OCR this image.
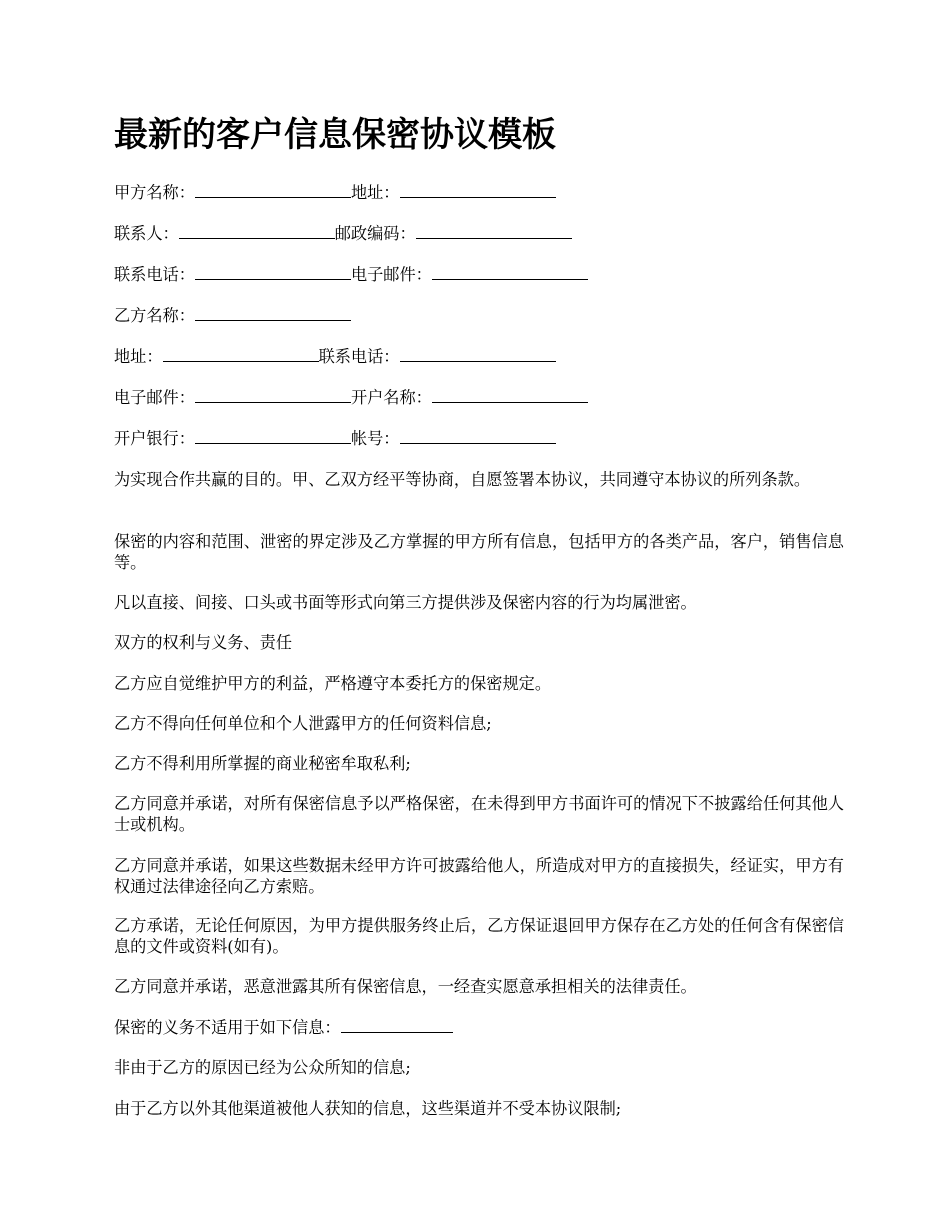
最新的客户信息保密协议模板
甲方名称：	地址：
联系人：	邮政编码：
联系电话：	电子邮件：
乙方名称：
地址：	联系电话：
电子邮件：	开户名称：
开户银行：	帐号：

为实现合作共赢的目的。甲、乙双方经平等协商，自愿签署本协议，共同遵守本协议的所列条款。

保密的内容和范围、泄密的界定涉及乙方掌握的甲方所有信息，包括甲方的各类产品，客户，销售信息等。

凡以直接、间接、口头或书面等形式向第三方提供涉及保密内容的行为均属泄密。

双方的权利与义务、责任

乙方应自觉维护甲方的利益，严格遵守本委托方的保密规定。

乙方不得向任何单位和个人泄露甲方的任何资料信息;

乙方不得利用所掌握的商业秘密牟取私利;

乙方同意并承诺，对所有保密信息予以严格保密，在未得到甲方书面许可的情况下不披露给任何其他人士或机构。

乙方同意并承诺，如果这些数据未经甲方许可披露给他人，所造成对甲方的直接损失，经证实，甲方有权通过法律途径向乙方索赔。

乙方承诺，无论任何原因，为甲方提供服务终止后，乙方保证退回甲方保存在乙方处的任何含有保密信息的文件或资料(如有)。

乙方同意并承诺，恶意泄露其所有保密信息，一经查实愿意承担相关的法律责任。

保密的义务不适用于如下信息：

非由于乙方的原因已经为公众所知的信息;

由于乙方以外其他渠道被他人获知的信息，这些渠道并不受本协议限制;
